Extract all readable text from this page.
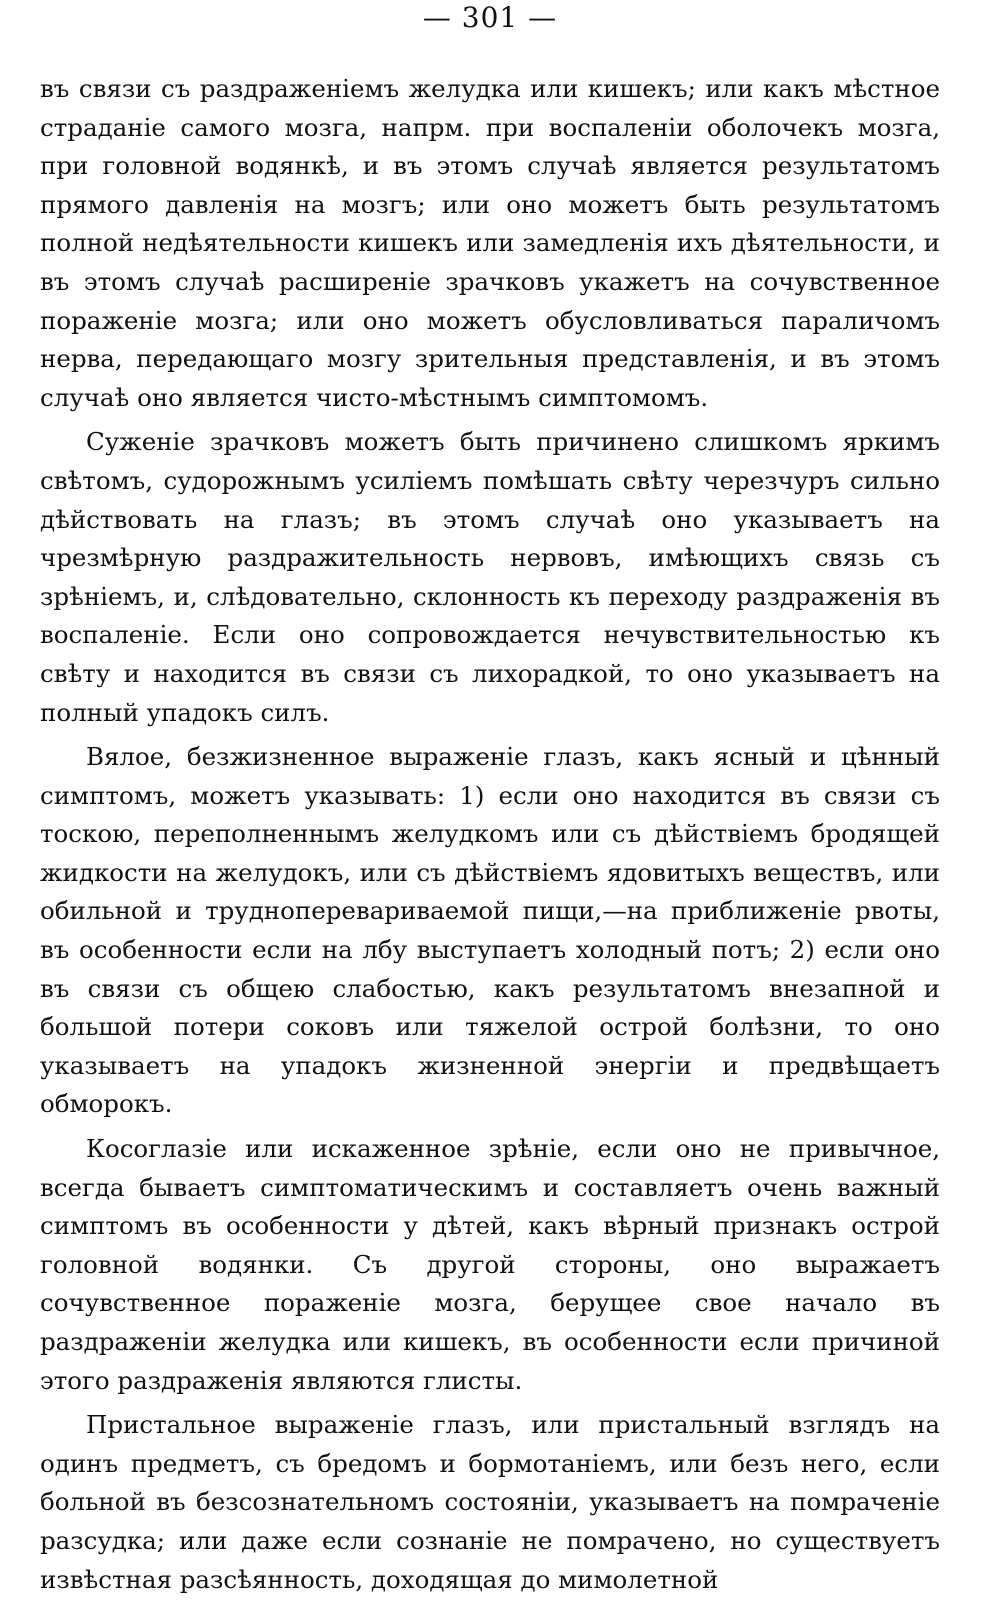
— 301 —

въ связи съ раздраженіемъ желудка или кишекъ; или какъ мѣстное страданіе самого мозга, напрм. при воспаленіи оболочекъ мозга, при головной водянкѣ, и въ этомъ случаѣ является результатомъ прямого давленія на мозгъ; или оно можетъ быть результатомъ полной недѣятельности кишекъ или замедленія ихъ дѣятельности, и въ этомъ случаѣ расширеніе зрачковъ укажетъ на сочувственное пораженіе мозга; или оно можетъ обусловливаться параличомъ нерва, передающаго мозгу зрительныя представленія, и въ этомъ случаѣ оно является чисто-мѣстнымъ симптомомъ.

Суженіе зрачковъ можетъ быть причинено слишкомъ яркимъ свѣтомъ, судорожнымъ усиліемъ помѣшать свѣту черезчуръ сильно дѣйствовать на глазъ; въ этомъ случаѣ оно указываетъ на чрезмѣрную раздражительность нервовъ, имѣющихъ связь съ зрѣніемъ, и, слѣдовательно, склонность къ переходу раздраженія въ воспаленіе. Если оно сопровождается нечувствительностью къ свѣту и находится въ связи съ лихорадкой, то оно указываетъ на полный упадокъ силъ.

Вялое, безжизненное выраженіе глазъ, какъ ясный и цѣнный симптомъ, можетъ указывать: 1) если оно находится въ связи съ тоскою, переполненнымъ желудкомъ или съ дѣйствіемъ бродящей жидкости на желудокъ, или съ дѣйствіемъ ядовитыхъ веществъ, или обильной и трудноперевариваемой пищи,—на приближеніе рвоты, въ особенности если на лбу выступаетъ холодный потъ; 2) если оно въ связи съ общею слабостью, какъ результатомъ внезапной и большой потери соковъ или тяжелой острой болѣзни, то оно указываетъ на упадокъ жизненной энергіи и предвѣщаетъ обморокъ.

Косоглазіе или искаженное зрѣніе, если оно не привычное, всегда бываетъ симптоматическимъ и составляетъ очень важный симптомъ въ особенности у дѣтей, какъ вѣрный признакъ острой головной водянки. Съ другой стороны, оно выражаетъ сочувственное пораженіе мозга, берущее свое начало въ раздраженіи желудка или кишекъ, въ особенности если причиной этого раздраженія являются глисты.

Пристальное выраженіе глазъ, или пристальный взглядъ на одинъ предметъ, съ бредомъ и бормотаніемъ, или безъ него, если больной въ безсознательномъ состояніи, указываетъ на помраченіе разсудка; или даже если сознаніе не помрачено, но существуетъ извѣстная разсѣянность, доходящая до мимолетной
